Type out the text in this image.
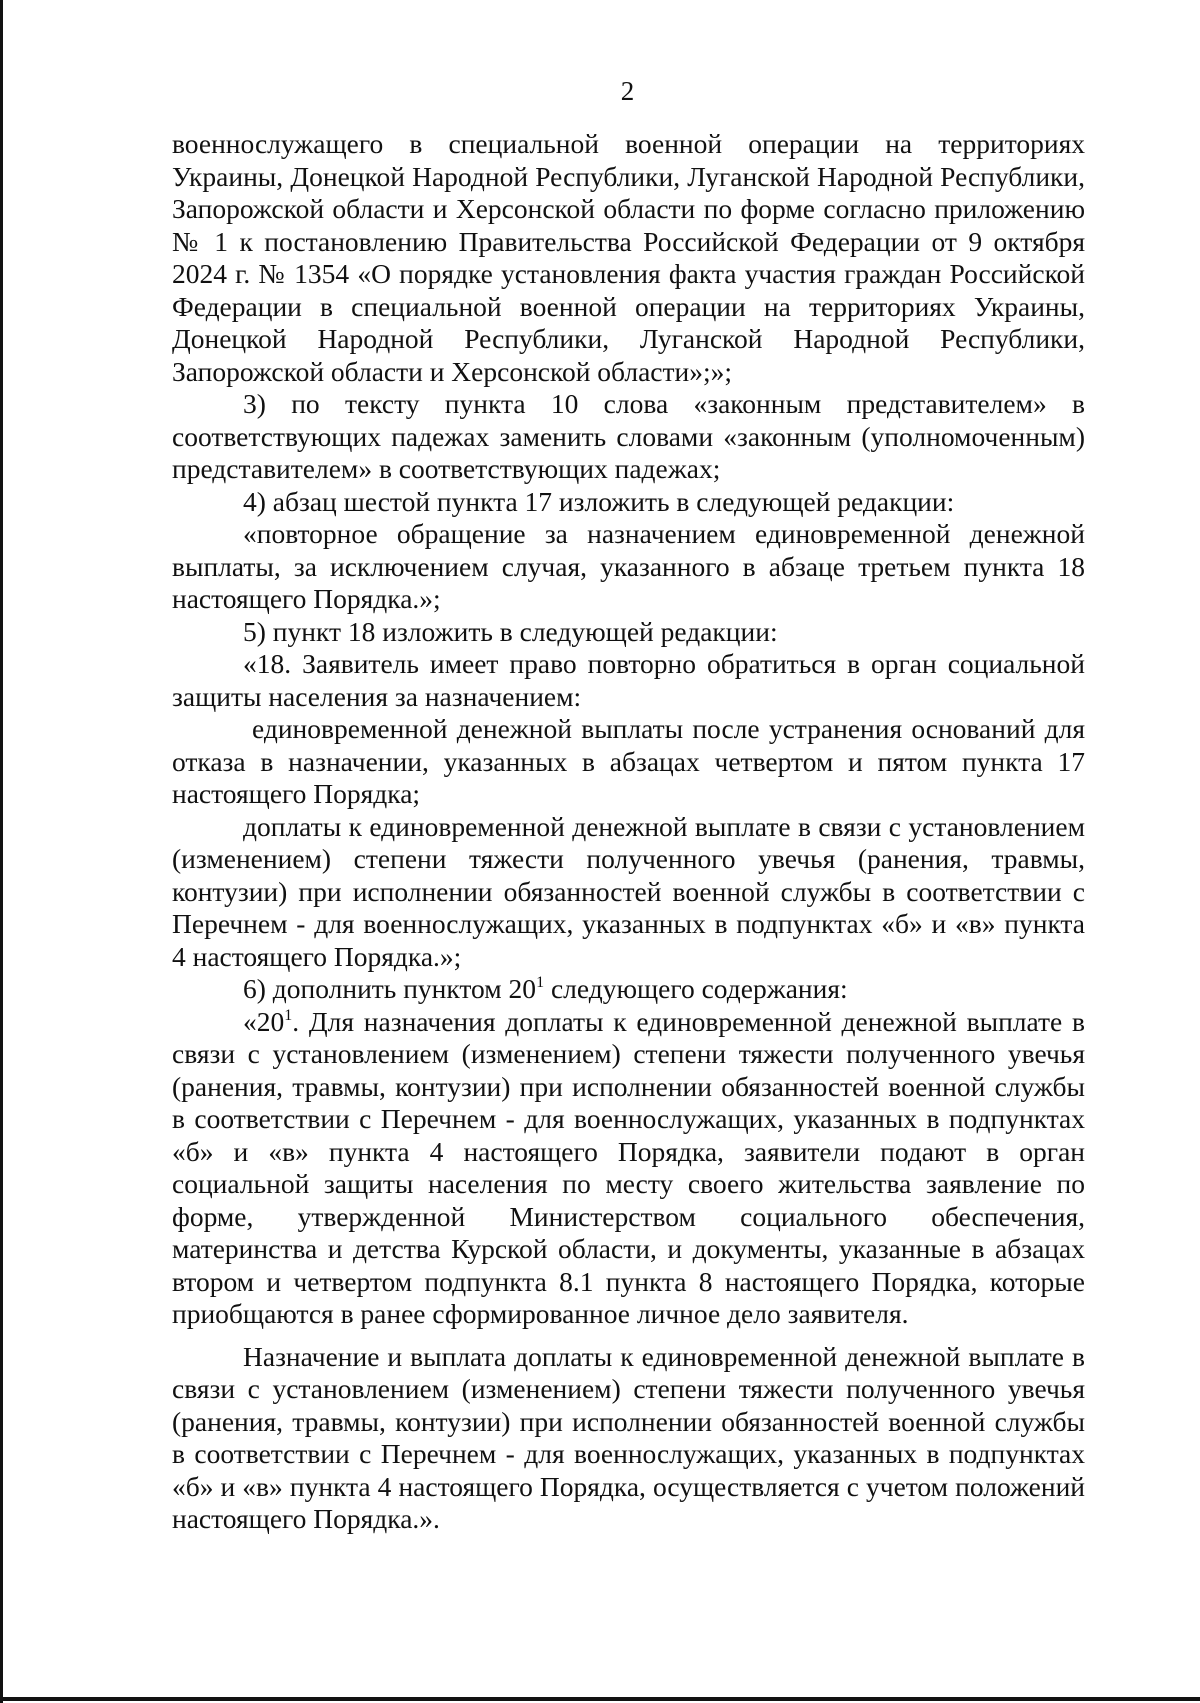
2

военнослужащего в специальной военной операции на территориях Украины, Донецкой Народной Республики, Луганской Народной Республики, Запорожской области и Херсонской области по форме согласно приложению № 1 к постановлению Правительства Российской Федерации от 9 октября 2024 г. № 1354 «О порядке установления факта участия граждан Российской Федерации в специальной военной операции на территориях Украины, Донецкой Народной Республики, Луганской Народной Республики, Запорожской области и Херсонской области»;»;

3) по тексту пункта 10 слова «законным представителем» в соответствующих падежах заменить словами «законным (уполномоченным) представителем» в соответствующих падежах;

4) абзац шестой пункта 17 изложить в следующей редакции:

«повторное обращение за назначением единовременной денежной выплаты, за исключением случая, указанного в абзаце третьем пункта 18 настоящего Порядка.»;

5) пункт 18 изложить в следующей редакции:

«18. Заявитель имеет право повторно обратиться в орган социальной защиты населения за назначением:

единовременной денежной выплаты после устранения оснований для отказа в назначении, указанных в абзацах четвертом и пятом пункта 17 настоящего Порядка;

доплаты к единовременной денежной выплате в связи с установлением (изменением) степени тяжести полученного увечья (ранения, травмы, контузии) при исполнении обязанностей военной службы в соответствии с Перечнем - для военнослужащих, указанных в подпунктах «б» и «в» пункта 4 настоящего Порядка.»;

6) дополнить пунктом $20^1$ следующего содержания:

«$20^1$. Для назначения доплаты к единовременной денежной выплате в связи с установлением (изменением) степени тяжести полученного увечья (ранения, травмы, контузии) при исполнении обязанностей военной службы в соответствии с Перечнем - для военнослужащих, указанных в подпунктах «б» и «в» пункта 4 настоящего Порядка, заявители подают в орган социальной защиты населения по месту своего жительства заявление по форме, утвержденной Министерством социального обеспечения, материнства и детства Курской области, и документы, указанные в абзацах втором и четвертом подпункта 8.1 пункта 8 настоящего Порядка, которые приобщаются в ранее сформированное личное дело заявителя.

Назначение и выплата доплаты к единовременной денежной выплате в связи с установлением (изменением) степени тяжести полученного увечья (ранения, травмы, контузии) при исполнении обязанностей военной службы в соответствии с Перечнем - для военнослужащих, указанных в подпунктах «б» и «в» пункта 4 настоящего Порядка, осуществляется с учетом положений настоящего Порядка.».
